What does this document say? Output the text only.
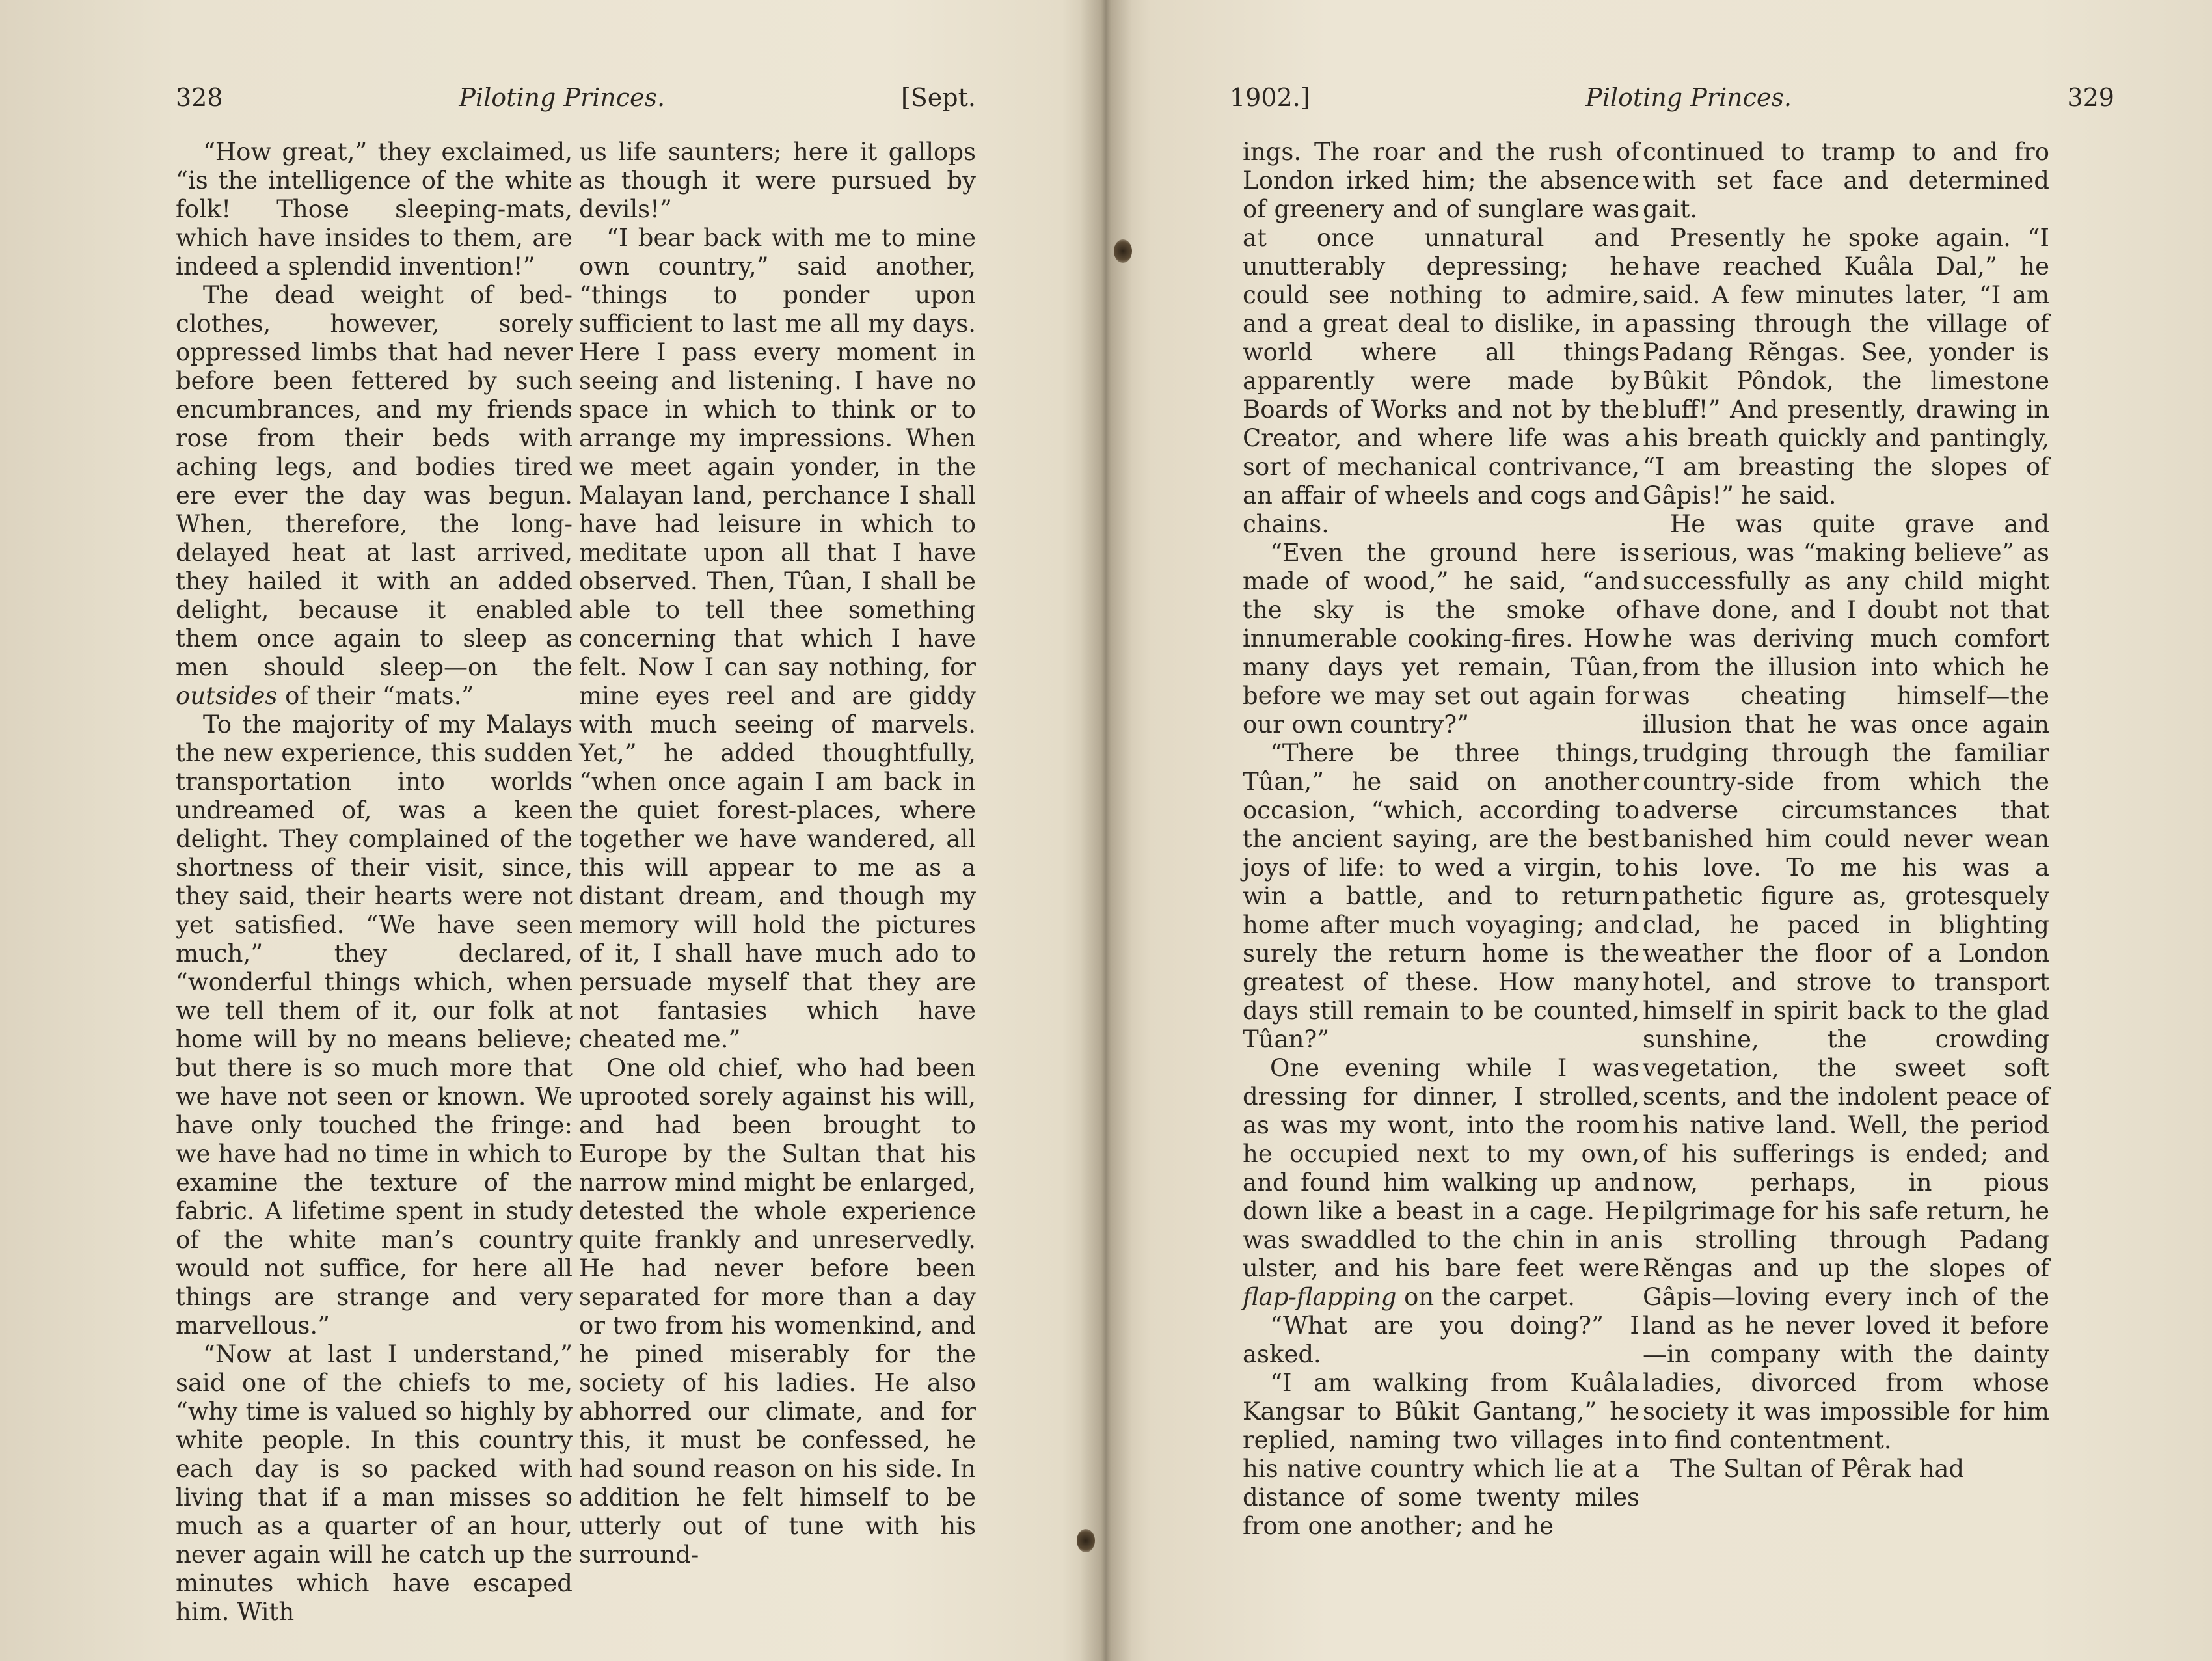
328	Piloting Princes.	[Sept.

“How great,” they exclaimed, “is the intelligence of the white folk! Those sleeping-mats, which have insides to them, are indeed a splendid invention!”

The dead weight of bed-clothes, however, sorely oppressed limbs that had never before been fettered by such encumbrances, and my friends rose from their beds with aching legs, and bodies tired ere ever the day was begun. When, therefore, the long-delayed heat at last arrived, they hailed it with an added delight, because it enabled them once again to sleep as men should sleep—on the outsides of their “mats.”

To the majority of my Malays the new experience, this sudden transportation into worlds undreamed of, was a keen delight. They complained of the shortness of their visit, since, they said, their hearts were not yet satisfied. “We have seen much,” they declared, “wonderful things which, when we tell them of it, our folk at home will by no means believe; but there is so much more that we have not seen or known. We have only touched the fringe: we have had no time in which to examine the texture of the fabric. A lifetime spent in study of the white man’s country would not suffice, for here all things are strange and very marvellous.”

“Now at last I understand,” said one of the chiefs to me, “why time is valued so highly by white people. In this country each day is so packed with living that if a man misses so much as a quarter of an hour, never again will he catch up the minutes which have escaped him. With

us life saunters; here it gallops as though it were pursued by devils!”

“I bear back with me to mine own country,” said another, “things to ponder upon sufficient to last me all my days. Here I pass every moment in seeing and listening. I have no space in which to think or to arrange my impressions. When we meet again yonder, in the Malayan land, perchance I shall have had leisure in which to meditate upon all that I have observed. Then, Tûan, I shall be able to tell thee something concerning that which I have felt. Now I can say nothing, for mine eyes reel and are giddy with much seeing of marvels. Yet,” he added thoughtfully, “when once again I am back in the quiet forest-places, where together we have wandered, all this will appear to me as a distant dream, and though my memory will hold the pictures of it, I shall have much ado to persuade myself that they are not fantasies which have cheated me.”

One old chief, who had been uprooted sorely against his will, and had been brought to Europe by the Sultan that his narrow mind might be enlarged, detested the whole experience quite frankly and unreservedly. He had never before been separated for more than a day or two from his womenkind, and he pined miserably for the society of his ladies. He also abhorred our climate, and for this, it must be confessed, he had sound reason on his side. In addition he felt himself to be utterly out of tune with his surround-

1902.]	Piloting Princes.	329

ings. The roar and the rush of London irked him; the absence of greenery and of sunglare was at once unnatural and unutterably depressing; he could see nothing to admire, and a great deal to dislike, in a world where all things apparently were made by Boards of Works and not by the Creator, and where life was a sort of mechanical contrivance, an affair of wheels and cogs and chains.

“Even the ground here is made of wood,” he said, “and the sky is the smoke of innumerable cooking-fires. How many days yet remain, Tûan, before we may set out again for our own country?”

“There be three things, Tûan,” he said on another occasion, “which, according to the ancient saying, are the best joys of life: to wed a virgin, to win a battle, and to return home after much voyaging; and surely the return home is the greatest of these. How many days still remain to be counted, Tûan?”

One evening while I was dressing for dinner, I strolled, as was my wont, into the room he occupied next to my own, and found him walking up and down like a beast in a cage. He was swaddled to the chin in an ulster, and his bare feet were flap-flapping on the carpet.

“What are you doing?” I asked.

“I am walking from Kuâla Kangsar to Bûkit Gantang,” he replied, naming two villages in his native country which lie at a distance of some twenty miles from one another; and he

continued to tramp to and fro with set face and determined gait.

Presently he spoke again. “I have reached Kuâla Dal,” he said. A few minutes later, “I am passing through the village of Padang Rĕngas. See, yonder is Bûkit Pôndok, the limestone bluff!” And presently, drawing in his breath quickly and pantingly, “I am breasting the slopes of Gâpis!” he said.

He was quite grave and serious, was “making believe” as successfully as any child might have done, and I doubt not that he was deriving much comfort from the illusion into which he was cheating himself—the illusion that he was once again trudging through the familiar country-side from which the adverse circumstances that banished him could never wean his love. To me his was a pathetic figure as, grotesquely clad, he paced in blighting weather the floor of a London hotel, and strove to transport himself in spirit back to the glad sunshine, the crowding vegetation, the sweet soft scents, and the indolent peace of his native land. Well, the period of his sufferings is ended; and now, perhaps, in pious pilgrimage for his safe return, he is strolling through Padang Rĕngas and up the slopes of Gâpis—loving every inch of the land as he never loved it before—in company with the dainty ladies, divorced from whose society it was impossible for him to find contentment.

The Sultan of Pêrak had
